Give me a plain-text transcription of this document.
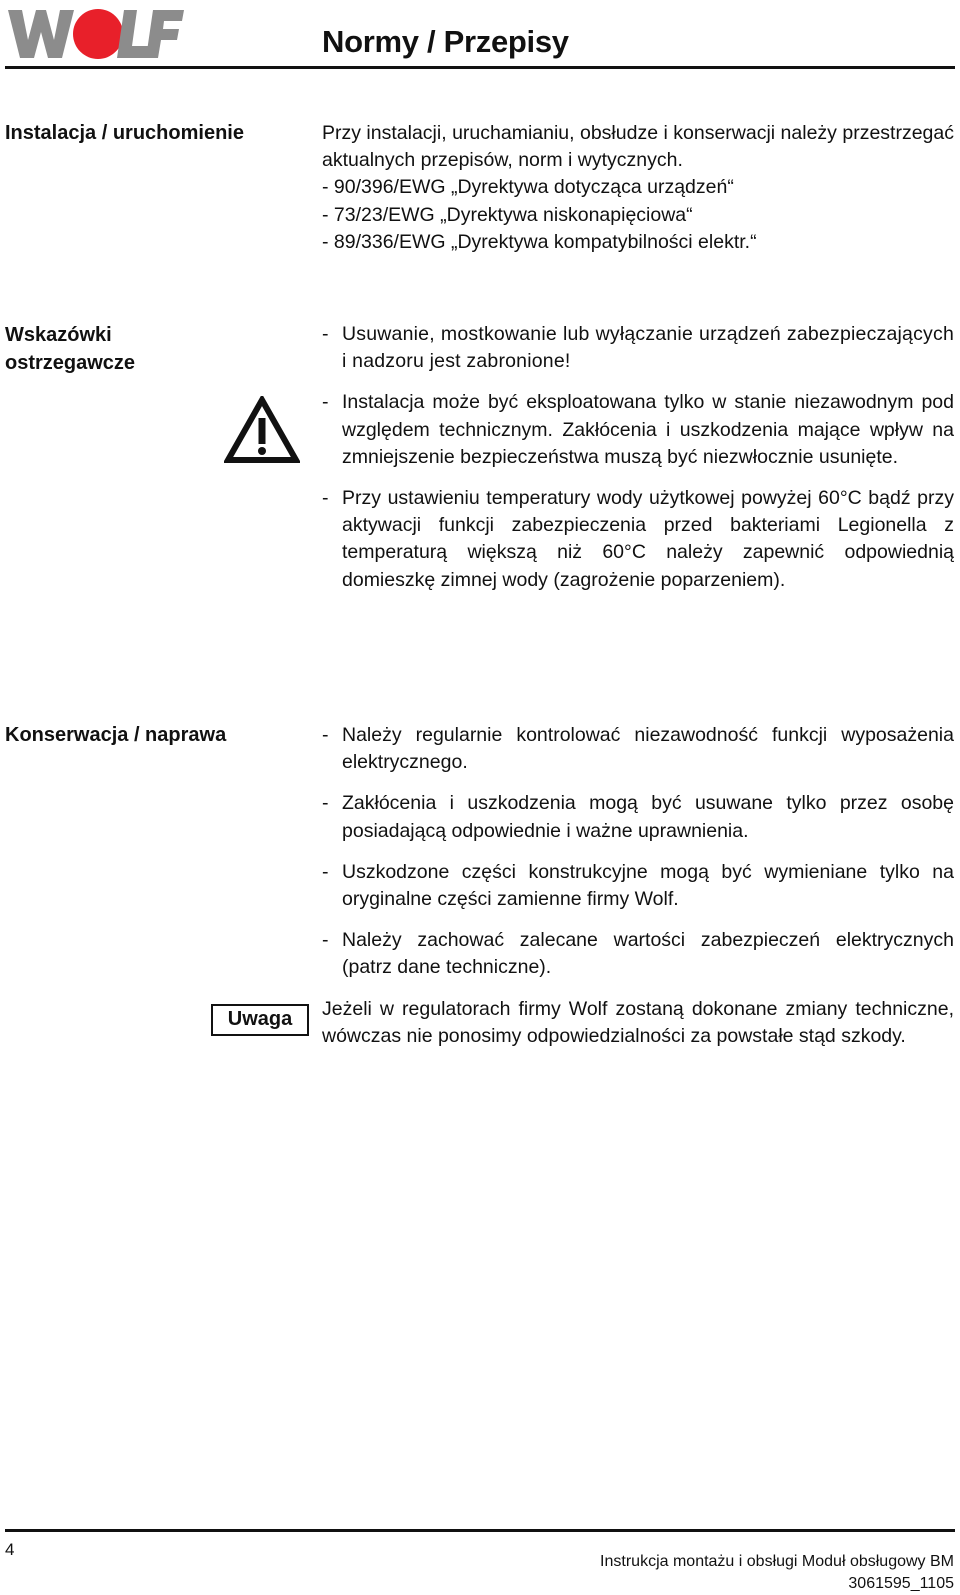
Normy / Przepisy
Instalacja / uruchomienie	Przy instalacji, uruchamianiu, obsłudze i konserwacji należy przestrzegać aktualnych przepisów, norm i wytycznych.

- 90/396/EWG „Dyrektywa dotycząca urządzeń“

- 73/23/EWG „Dyrektywa niskonapięciowa“

- 89/336/EWG „Dyrektywa kompatybilności elektr.“

Wskazówki
ostrzegawcze

- Usuwanie, mostkowanie lub wyłączanie urządzeń zabezpieczających i nadzoru jest zabronione!

- Instalacja może być eksploatowana tylko w stanie niezawodnym pod względem technicznym. Zakłócenia i uszkodzenia mające wpływ na zmniejszenie bezpieczeństwa muszą być niezwłocznie usunięte.

- Przy ustawieniu temperatury wody użytkowej powyżej 60°C bądź przy aktywacji funkcji zabezpieczenia przed bakteriami Legionella z temperaturą większą niż 60°C należy zapewnić odpowiednią domieszkę zimnej wody (zagrożenie poparzeniem).

Konserwacja / naprawa	- Należy regularnie kontrolować niezawodność funkcji wyposażenia elektrycznego.

- Zakłócenia i uszkodzenia mogą być usuwane tylko przez osobę posiadającą odpowiednie i ważne uprawnienia.

- Uszkodzone części konstrukcyjne mogą być wymieniane tylko na oryginalne części zamienne firmy Wolf.

- Należy zachować zalecane wartości zabezpieczeń elektrycznych (patrz dane techniczne).

Uwaga	Jeżeli w regulatorach firmy Wolf zostaną dokonane zmiany techniczne, wówczas nie ponosimy odpowiedzialności za powstałe stąd szkody.
4
Instrukcja montażu i obsługi Moduł obsługowy BM
3061595_1105
